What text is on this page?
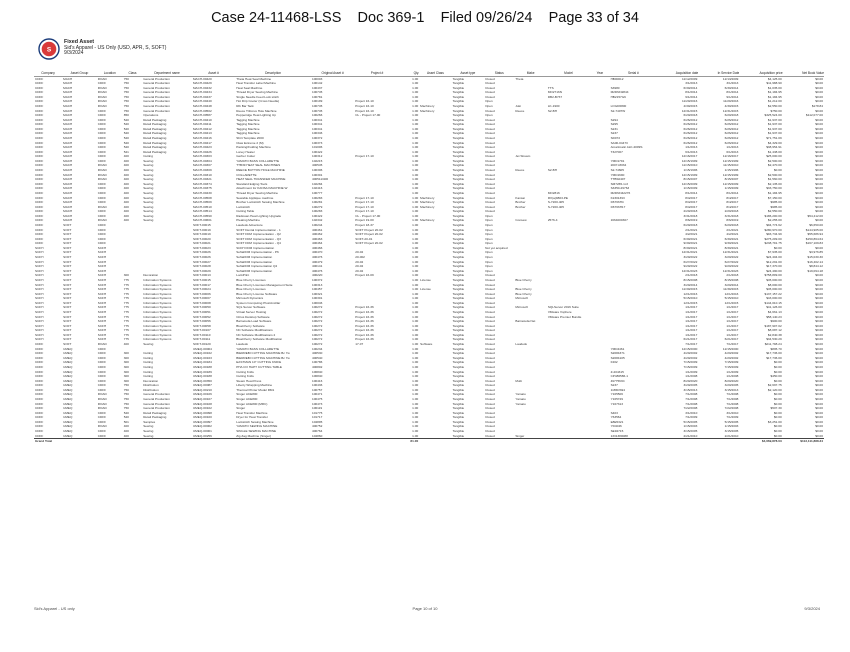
Case 24-11468-LSS Doc 369-1 Filed 09/26/24 Page 33 of 34
S
Fixed Asset
Sid's Apparel - US Only (USD, APR, S, SOFT)
9/3/2024
Company	Asset Group	Location	Class	Department name	Asset #	Description	Original Asset #	Project #	Qty.	Asset Class	Asset type	Status	Make	Model	Year	Serial #	Acquisition date	In Service Date	Acquisition price	Net Book Value
CDFF	MACH	ROAD	750	General Production	MACH-00420	Theta Heat Seal Machine	100003		1.00		Tangible	Closed	Theta			HB00012	11/12/2009	12/13/2009	$4,125.00	$0.00
CDFF	MACH	CDFF	750	General Production	MACH-00429	Heat Transfer Label Machine	100142		1.00		Tangible	Closed					3/1/2013	3/1/2013	$11,988.90	$0.00
CDFF	MACH	ROAD	750	General Production	MACH-00432	Heat Seal Machine	100437		1.00		Tangible	Closed		TTS		S3980	6/30/2014	6/30/2014	$1,035.00	$0.00
CDFF	MACH	ROAD	750	General Production	MACH-00434	Thread Dryer Sewing Machine	100745		1.00		Tangible	Closed		MO2716N		M2DNN2844	8/1/2014	8/1/2014	$1,184.95	$0.00
CDFF	MACH	ROAD	750	General Production	MACH-00437	Single Needle Feed Lock stitch	100781		1.00		Tangible	Closed		DB2-B737		HB2157G6	9/1/2014	9/1/2014	$1,184.95	$0.00
CDFF	MACH	ROAD	750	General Production	MACH-00440	Hot Drip Cooler (Cross Needle)	100199	Project 16-10	1.00		Tangible	Open					11/20/2016	11/20/2016	$1,212.00	$0.00
CDFF	MACH	ROAD	750	General Production	MACH-00448	Rib Bar Tack	100745	Project 16-10	1.00	Machinery	Tangible	Open	Juki	LK-1900		LOGD6800	4/30/2015	4/30/2015	$2,550.00	$178.84
CDFF	MACH	CDFF	750	General Production	MACH-00502	Reece Trifocus Hole Machine	100745	Project 16-10	1.00	Machinery	Tangible	Closed	Reece	S2-BH		S2-7407W	12/31/2015	12/31/2015	$750.00	$0.00
CDFF	MACH	CDFF	850	Operations	MACH-00587	Pepperidge Heat Lighting Up	100266	CL - Project 17-00	1.00		Tangible	Open					6/20/2018	6/20/2018	$325,524.00	$112,077.00
CDFF	MACH	CDFF	520	Retail Packaging	MACH-00410	Tagging Machine	100341		1.00		Tangible	Closed				S294	6/26/2012	6/26/2012	$1,937.00	$0.00
CDFF	MACH	CDFF	520	Retail Packaging	MACH-00411	Tagging Machine	100341		1.00		Tangible	Closed				S295	6/26/2012	6/26/2012	$1,937.00	$0.00
CDFF	MACH	CDFF	520	Retail Packaging	MACH-00412	Tagging Machine	100341		1.00		Tangible	Closed				S231	6/26/2012	6/26/2012	$1,937.00	$0.00
CDFF	MACH	CDFF	520	Retail Packaging	MACH-00413	Tagging Machine	100346		1.00		Tangible	Closed				S237	6/26/2012	6/26/2012	$1,937.00	$0.00
CDFF	MACH	CDFF	520	Retail Packaging	MACH-00416	Shirt Template 2000	100372		1.00		Tangible	Closed				SD072	6/26/2012	6/26/2012	$71,751.09	$0.00
CDFF	MACH	CDFF	520	Retail Packaging	MACH-00417	Claw Extreme 2 (M)	100373		1.00		Tangible	Closed				SA00-04473	6/26/2012	6/26/2012	$4,329.00	$0.00
CDFF	MACH	CDFF	520	Retail Packaging	MACH-00423	Packing/Folding Machine	101006		1.00		Tangible	Closed				Amarimatic ALF-2009S	1/1/2013	1/1/2013	$38,954.91	$0.00
CDFF	MACH	CDFF	521	Retail Packaging	MACH-00426	Loney Heater	100422		1.00		Tangible	Closed				T327007	6/1/2013	6/1/2013	$1,438.00	$0.00
CDFF	MACH	CDFF	400	Cutting	MACH-00303	Gerber Cutter	100312	Project 17-10	1.00		Tangible	Closed	Jet Stream				12/16/2017	12/16/2017	$25,000.00	$0.00
CDFF	MACH	CDFF	400	Sewing	MACH-00304	YAMATO BASS COLLARETTE	102215		1.00		Tangible	Closed				YMD1791	12/15/1999	12/15/1999	$2,500.00	$0.00
CDFF	MACH	ROAD	400	Sewing	MACH-00307	TTB39 HEAT SEAL MACHINES	400545		1.00		Tangible	Closed				2007-M034	11/15/2010	11/15/2010	$2,470.00	$0.00
CDFF	MACH	ROAD	400	Sewing	MACH-00309	REECE BUTTON HOLE MACHINE	100306		1.00		Tangible	Closed	Reece	S2-BH		S2-74605	1/15/1996	1/15/1996	$0.00	$0.00
CDFF	MACH	ROAD	400	Sewing	MACH-00310	COLLARETTE	100301		1.00		Tangible	Closed				YMD1690	12/15/1999	12/15/1999	$2,500.00	$0.00
CDFF	MACH	ROAD	400	Sewing	MACH-00321	HEAT SEAL TRANSFER MACHINE	400511/400		1.00		Tangible	Closed				TTBS0407	8/15/2007	8/15/2007	$1,560.00	$0.00
CDFF	MACH	CDFF	400	Sewing	MACH-00374	Standard Edging Tools	102284		1.00		Tangible	Closed				SM7265-1JJ	12/15/2009	12/15/2009	$2,135.00	$0.00
CDFF	MACH	CDFF	400	Sewing	MACH-00375	Attachment for KANSAI MACHINE W	102416		1.00		Tangible	Closed				S3350-29763	1/15/2009	1/15/2009	$33,750.00	$0.00
CDFF	MACH	CDFF	400	Sewing	MACH-00430	Thread Dryer Sewing Machine	100777		1.00		Tangible	Closed		MO2816		M2DNN42276	8/1/2014	8/1/2014	$1,184.95	$0.00
CDFF	MACH	CDFF	400	Sewing	MACH-00508	Sewable Applique machine	100283	Project 17-10	1.00	Machinery	Tangible	Closed	Kansai	RX(a)9803-PE		K2301393	8/4/2017	8/4/2017	$7,150.00	$0.00
CDFF	MACH	CDFF	400	Sewing	MACH-00509	Brother Lockstitch Sewing Machine	100281	Project 17-10	1.00	Machinery	Tangible	Closed	Brother	S-7200-405		D6766H4	8/4/2017	8/4/2017	$985.00	$0.00
CDFF	MACH	ROAD	400	Sewing	MACH-00510	Lockstitch	100279	Project 17-10	1.00	Machinery	Tangible	Closed	Brother	S-7200-405		D6766H17	8/4/2017	8/4/2017	$985.00	$0.00
CDFF	MACH	CDFF	400	Sewing	MACH-00514	Cutting Table	100283	Project 17-10	1.00		Tangible	Closed					2/20/2018	2/20/2018	$2,550.00	$0.00
CDFF	MACH	CDFF	400	Sewing	MACH-00590	Radiosan Heat Lighting Upgrade	100422	CL - Project 17-00	1.00		Tangible	Open					3/31/2018	3/31/2018	$186,200.00	$54,412.00
CDFF	MACH	ROAD	400	Sewing	MACH-00601	Pleating Machine	102342	Project 19-00	1.00	Machinery	Tangible	Open	Consew	2576-4		1664000307	8/6/2019	8/6/2019	$2,255.00	$0.00
CDFF	SOFT	CDFF			SOFT-00015	Laudesk Adventure	100244	Project 18-37	1.00		Tangible	Open					6/20/2018	6/20/2018	$94,774.62	$6,650.00
CDFF	SOFT	CDFF			SOFT-00019	SOFT Dental Implementation - 1	400461	SOFT Project 20-02	1.00		Tangible	Open					2/1/2021	2/1/2021	$280,970.00	$144,905.00
CDFF	SOFT	CDFF			SOFT-00019	SOFT FDM Implementation - Q2	400462	SOFT Project 20-02	1.00		Tangible	Open					4/2/2021	4/2/2021	$93,734.99	$55,686.94
CDFF	SOFT	CDFF			SOFT-00020	SOFT FDM Implementation - Q3	400463	SOFT-20-01	1.00		Tangible	Open					6/30/2021	6/30/2021	$275,209.00	$150,864.64
CDFF	SOFT	CDFF			SOFT-00021	SOFT FDM Implementation - Q4	400464	SOFT Project 20-02	1.00		Tangible	Open					9/30/2021	9/30/2021	$238,791.75	$167,109.83
SCFH	SOFT	SCFH			SOFT-00023	SCFH FDM Implementation	400466		1.00		Tangible	Not yet acquired					8/30/2021	8/30/2021	$0.00	$0.00
SCFH	SOFT	SCFH			SOFT-00026	SoftaFDM Implementation - P6	400470	20-02	1.00		Tangible	Open					12/31/2021	12/31/2021	$7,935.00	$3,976.85
SCFH	SOFT	SCFH			SOFT-00026	SoftaFDM Implementation	400476	20-002	1.00		Tangible	Open					3/20/2022	3/20/2022	$24,404.00	$15,030.30
SCFH	SOFT	SCFH			SOFT-00027	SoftaFDM Implementation	400479	20-02	1.00		Tangible	Open					6/27/2022	6/27/2022	$12,291.00	$16,402.14
SCFH	SOFT	SCFH			SOFT-00028	SoftaFDM Implementation Q4	400141	20-02	1.00		Tangible	Open					9/20/2022	9/20/2022	$17,370.00	$8,844.12
SCFH	SOFT	SCFH			SOFT-00029	SoftaFDM Implementation	400476	20-02	1.00		Tangible	Open					12/31/2023	12/31/2023	$24,490.00	$19,094.18
SCFH	SOFT	SCFH	300	Decoration	SOFT-00013	LockPrint	400220	Project 16-09	1.00		Tangible	Closed					2/1/2018	2/1/2018	$758,809.00	$0.00
SCFH	SOFT	SCFH	775	Information Systems	SOFT-00015	Blue Cherry Licenses	100372		1.00	License	Tangible	Closed	Blue Cherry				8/15/2008	8/15/2008	$45,000.00	$0.00
SCFH	SOFT	SCFH	775	Information Systems	SOFT-00017	Blue Cherry Licenses Management Suite	100313		1.00		Tangible	Closed					3/20/2014	3/20/2014	$8,000.00	$0.00
SCFH	SOFT	SCFH	775	Information Systems	SOFT-00024	Blue Cherry Licenses	100457		1.00	License	Tangible	Closed	Blue Cherry				11/30/2015	11/30/2015	$45,000.00	$0.00
SCFH	SOFT	SCFH	775	Information Systems	SOFT-00006	Blue Cherry License Software	100321		1.00		Tangible	Closed	Blue Cherry				12/1/2016	12/1/2016	$137,157.22	$0.00
SCFH	SOFT	SCFH	775	Information Systems	SOFT-00007	Microsoft Dynamics	100301		1.00		Tangible	Closed	Microsoft				5/15/2010	5/15/2010	$43,000.00	$0.00
SCFH	SOFT	SCFH	775	Information Systems	SOFT-00008	System Computing Plus/Ancillar	100046		1.00		Tangible	Closed					12/1/2015	12/1/2015	$144,010.15	$0.00
SCFH	SOFT	SCFH	775	Information Systems	SOFT-00050	SQL Server Software	100272	Project 16-36	1.00		Tangible	Closed	Microsoft	SQLServer 2016 Suite			1/1/2017	1/1/2017	$41,126.00	$0.00
SCFH	SOFT	SCFH	775	Information Systems	SOFT-00051	Virtual Server Hosting	100272	Project 16-36	1.00		Tangible	Closed		VMware Vsphere			1/1/2017	1/1/2017	$4,661.13	$0.00
SCFH	SOFT	SCFH	775	Information Systems	SOFT-00052	Citrus Desktop Software	100272	Project 16-36	1.00		Tangible	Closed		VMware Premier Bundle			1/1/2017	1/1/2017	$58,140.23	$0.00
SCFH	SOFT	SCFH	775	Information Systems	SOFT-00056	Barracuda Load Software	100272	Project 16-36	1.00		Tangible	Closed	Barracuda Net				1/1/2017	1/1/2017	$900.00	$0.00
SCFH	SOFT	SCFH	775	Information Systems	SOFT-00058	BlueCherry Software	100272	Project 16-36	1.00		Tangible	Closed					1/1/2017	1/1/2017	$187,907.02	$0.00
SCFH	SOFT	SCFH	775	Information Systems	SOFT-00107	NC Software Modifications	100272	Project 16-36	1.00		Tangible	Closed					1/1/2017	1/1/2017	$8,087.12	$0.00
SCFH	SOFT	SCFH	775	Information Systems	SOFT-00110	NC Software Modifications 2	100272	Project 16-36	1.00		Tangible	Closed					1/1/2017	1/1/2017	$2,840.38	$0.00
SCFH	SOFT	SCFH	775	Information Systems	SOFT-00111	BlueCherry Software Modification	100272	Project 16-36	1.00		Tangible	Closed					6/21/2017	6/21/2017	$34,530.29	$0.00
CDFF	SOFT	ROAD	400	Sewing	SOFT-00120	Laudesk	100272	17-07	1.00	Software	Tangible	Closed	Laudesk				7/1/2017	7/1/2017	$211,798.24	$0.00
CDFF	UMEQ	CDFF			UMEQ-00004	YAMATO BASS COLLARETTE	100234		1.00		Tangible	Closed				YMD4461	12/15/2000	12/15/2000	$895.70	$0.00
CDFF	UMEQ	CDFF	300	Cutting	UMEQ-00162	BIERREBI CUTTING MACHINE Bc 7w	400530		1.00		Tangible	Closed				S2084371	4/20/2002	4/20/2002	$17,736.00	$0.00
CDFF	UMEQ	CDFF	300	Cutting	UMEQ-00163	BIERREBI CUTTING MACHINE Bc 7w	400540		1.00		Tangible	Closed				S2084105	4/20/2002	4/20/2002	$17,736.00	$0.00
CDFF	UMEQ	CDFF	300	Cutting	UMEQ-00184	EASTMAN 10" CUTTING KNIFE	100786		1.00		Tangible	Closed				F202	7/15/2009	7/15/2009	$0.00	$0.00
CDFF	UMEQ	CDFF	300	Cutting	UMEQ-00188	PHA CO HAPT CUTTING TABLE	400802		1.00		Tangible	Closed					7/15/2009	7/15/2009	$0.00	$0.00
CDFF	UMEQ	CDFF	300	Cutting	UMEQ-00189	Cutting Knife	106840		1.00		Tangible	Closed				Z-204315	1/1/2009	1/1/2009	$0.00	$0.00
CDFF	UMEQ	CDFF	300	Cutting	UMEQ-00188	Cutting Knife	106840		1.00		Tangible	Closed				CP486586-1	1/1/2008	1/1/2008	$450.00	$0.00
CDFF	UMEQ	CDFF	300	Decoration	UMEQ-00350	Steam Heat Press	100416		1.00		Tangible	Closed	Multi			4977563C	8/20/2020	8/20/2020	$0.00	$0.00
CDFF	UMEQ	CDFF	750	Distribution	UMEQ-00087	Liberty Wrapping Machine	100436		1.00		Tangible	Closed				S237	3/20/2005	3/20/2005	$2,697.75	$0.00
CDFF	UMEQ	CDFF	750	Distribution	UMEQ-00210	Thermal Printer Model RM1	100757		1.00		Tangible	Closed				1165DS94	3/15/2013	3/15/2013	$2,120.00	$0.00
CDFF	UMEQ	ROAD	750	General Production	UMEQ-00106	Singer ACE800	100471		1.00		Tangible	Closed	Yamato			Y165506	7/1/2008	7/1/2008	$0.00	$0.00
CDFF	UMEQ	ROAD	750	General Production	UMEQ-00107	Singer ACE800	100475		1.00		Tangible	Closed	Yamato			Y165729	7/1/2008	7/1/2008	$0.00	$0.00
CDFF	UMEQ	ROAD	750	General Production	UMEQ-00108	Singer ACE800 (MRC)	100473		1.00		Tangible	Closed	Yamato			Y167313	7/1/2008	7/1/2008	$0.00	$0.00
CDFF	UMEQ	ROAD	750	General Production	UMEQ-00102	Singer	106119		1.00		Tangible	Closed					7/22/2008	7/22/2008	$507.30	$0.00
CDFF	UMEQ	CDFF	520	Retail Packaging	UMEQ-00098	Heat Transfer Machine	101775		1.00		Tangible	Closed				S403	3/1/2010	3/1/2010	$0.00	$0.00
CDFF	UMEQ	CDFF	520	Retail Packaging	UMEQ-00100	Dryer for Heat Transfer	101717		1.00		Tangible	Closed				Y63564	7/1/2009	7/1/2009	$0.00	$0.00
CDFF	UMEQ	CDFF	501	Samples	UMEQ-00097	Lockstitch Sewing Machine	104895		1.00		Tangible	Closed				E8E5321	5/15/2005	5/15/2005	$3,251.00	$0.00
CDFF	UMEQ	ROAD	400	Sewing	UMEQ-00002	YAMATO SEWING MACHINE	400752		1.00		Tangible	Closed				YD4046	1/15/2003	1/15/2003	$0.00	$0.00
CDFF	UMEQ	CDFF	400	Sewing	UMEQ-00001	SINGLE SEWING MACHINE	400764		1.00		Tangible	Closed				SE94715	3/15/2005	3/15/2005	$0.00	$0.00
CDFF	UMEQ	CDFF	400	Sewing	UMEQ-00256	Zig Zag Machine (Singer)	104860		1.00		Tangible	Closed	Singer			1331380088	2/21/2010	2/21/2010	$0.00	$0.00
Grand Total									81.00										$4,669,878.03	$113,111,888.34
Sid's Apparel - US only	Page 10 of 10	9/3/2024
